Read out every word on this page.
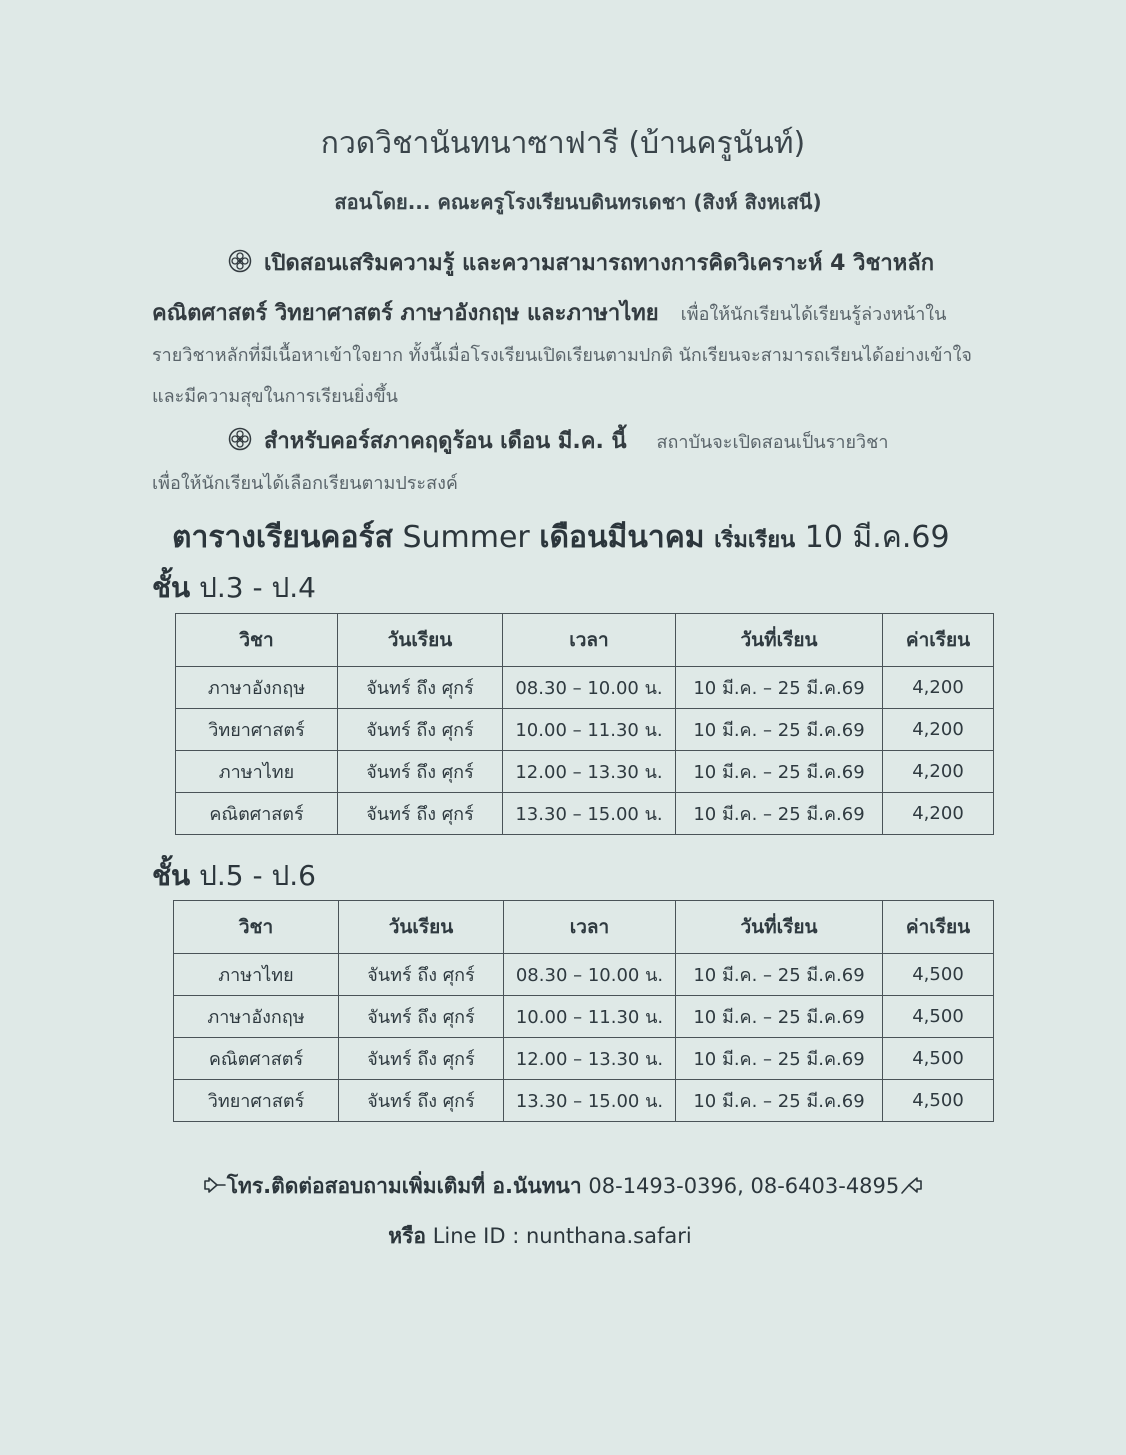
กวดวิชานันทนาซาฟารี (บ้านครูนันท์)
สอนโดย... คณะครูโรงเรียนบดินทรเดชา (สิงห์ สิงหเสนี)
เปิดสอนเสริมความรู้ และความสามารถทางการคิดวิเคราะห์ 4 วิชาหลัก
คณิตศาสตร์ วิทยาศาสตร์ ภาษาอังกฤษ และภาษาไทย เพื่อให้นักเรียนได้เรียนรู้ล่วงหน้าใน
รายวิชาหลักที่มีเนื้อหาเข้าใจยาก ทั้งนี้เมื่อโรงเรียนเปิดเรียนตามปกติ นักเรียนจะสามารถเรียนได้อย่างเข้าใจ
และมีความสุขในการเรียนยิ่งขึ้น
สำหรับคอร์สภาคฤดูร้อน เดือน มี.ค. นี้ สถาบันจะเปิดสอนเป็นรายวิชา
เพื่อให้นักเรียนได้เลือกเรียนตามประสงค์
ตารางเรียนคอร์ส Summer เดือนมีนาคม เริ่มเรียน 10 มี.ค.69
ชั้น ป.3 - ป.4
วิชา	วันเรียน	เวลา	วันที่เรียน	ค่าเรียน
ภาษาอังกฤษ	จันทร์ ถึง ศุกร์	08.30 – 10.00 น.	10 มี.ค. – 25 มี.ค.69	4,200
วิทยาศาสตร์	จันทร์ ถึง ศุกร์	10.00 – 11.30 น.	10 มี.ค. – 25 มี.ค.69	4,200
ภาษาไทย	จันทร์ ถึง ศุกร์	12.00 – 13.30 น.	10 มี.ค. – 25 มี.ค.69	4,200
คณิตศาสตร์	จันทร์ ถึง ศุกร์	13.30 – 15.00 น.	10 มี.ค. – 25 มี.ค.69	4,200
ชั้น ป.5 - ป.6
วิชา	วันเรียน	เวลา	วันที่เรียน	ค่าเรียน
ภาษาไทย	จันทร์ ถึง ศุกร์	08.30 – 10.00 น.	10 มี.ค. – 25 มี.ค.69	4,500
ภาษาอังกฤษ	จันทร์ ถึง ศุกร์	10.00 – 11.30 น.	10 มี.ค. – 25 มี.ค.69	4,500
คณิตศาสตร์	จันทร์ ถึง ศุกร์	12.00 – 13.30 น.	10 มี.ค. – 25 มี.ค.69	4,500
วิทยาศาสตร์	จันทร์ ถึง ศุกร์	13.30 – 15.00 น.	10 มี.ค. – 25 มี.ค.69	4,500
โทร.ติดต่อสอบถามเพิ่มเติมที่ อ.นันทนา 08-1493-0396, 08-6403-4895
หรือ Line ID : nunthana.safari
